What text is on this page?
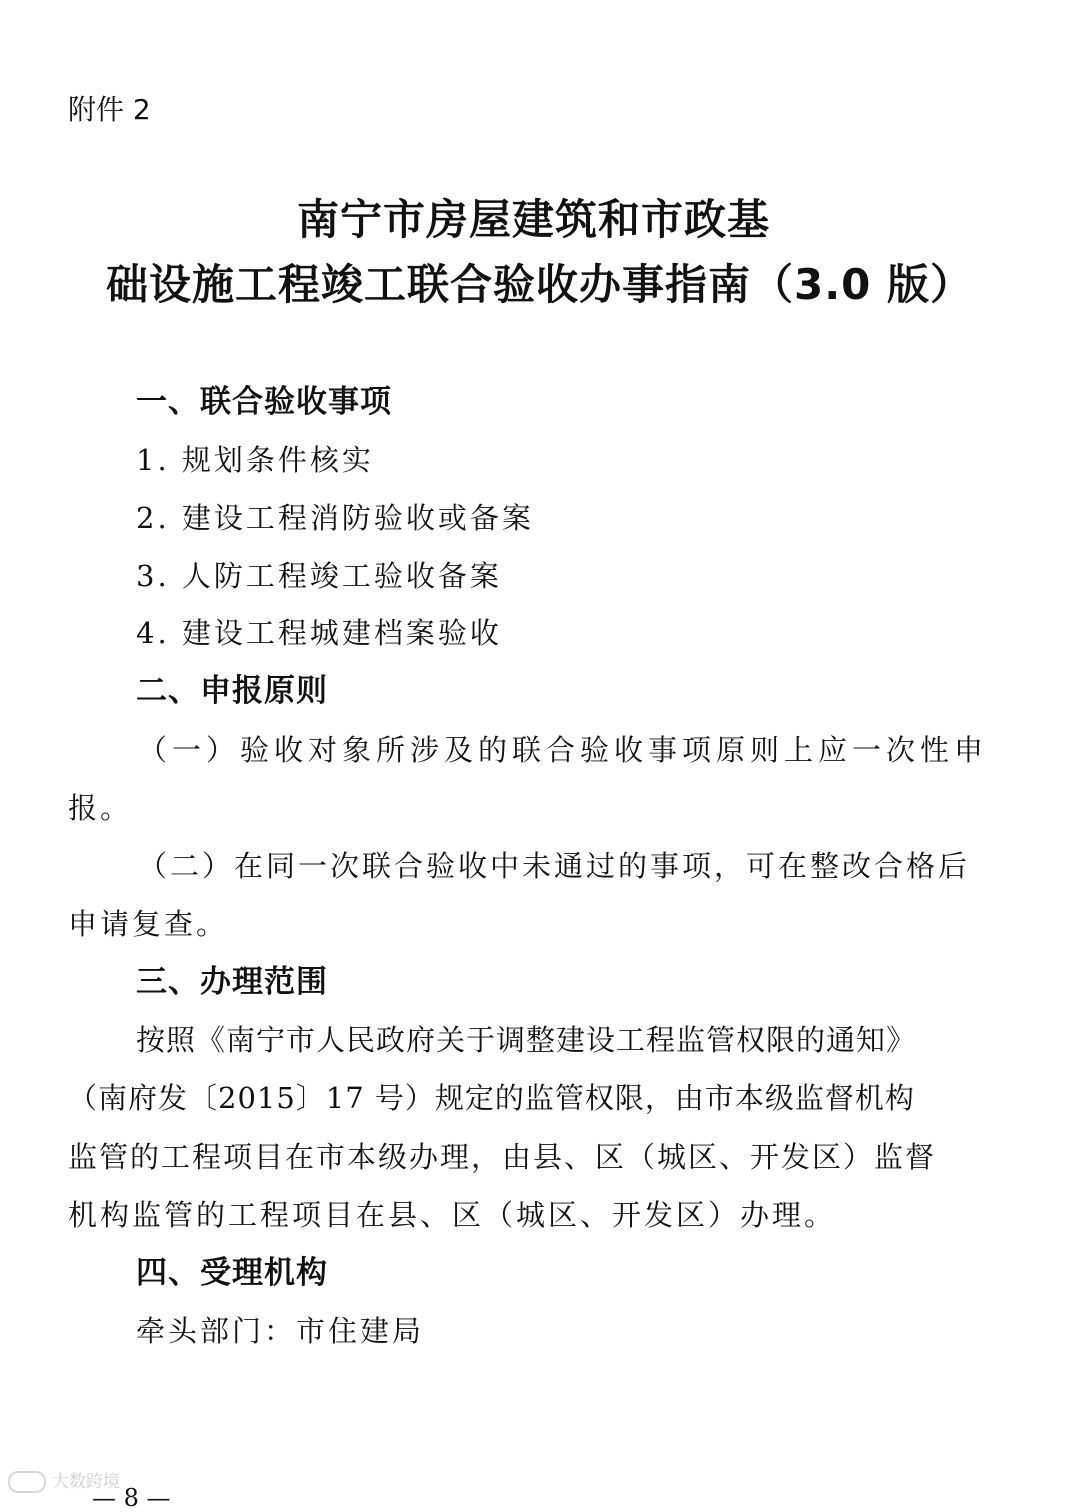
附件 2
南宁市房屋建筑和市政基
础设施工程竣工联合验收办事指南（3.0 版）
一、联合验收事项
1. 规划条件核实
2. 建设工程消防验收或备案
3. 人防工程竣工验收备案
4. 建设工程城建档案验收
二、申报原则
（一）验收对象所涉及的联合验收事项原则上应一次性申
报。
（二）在同一次联合验收中未通过的事项，可在整改合格后
申请复查。
三、办理范围
按照《南宁市人民政府关于调整建设工程监管权限的通知》
（南府发〔2015〕17 号）规定的监管权限，由市本级监督机构
监管的工程项目在市本级办理，由县、区（城区、开发区）监督
机构监管的工程项目在县、区（城区、开发区）办理。
四、受理机构
牵头部门：市住建局
大数跨境
— 8 —
